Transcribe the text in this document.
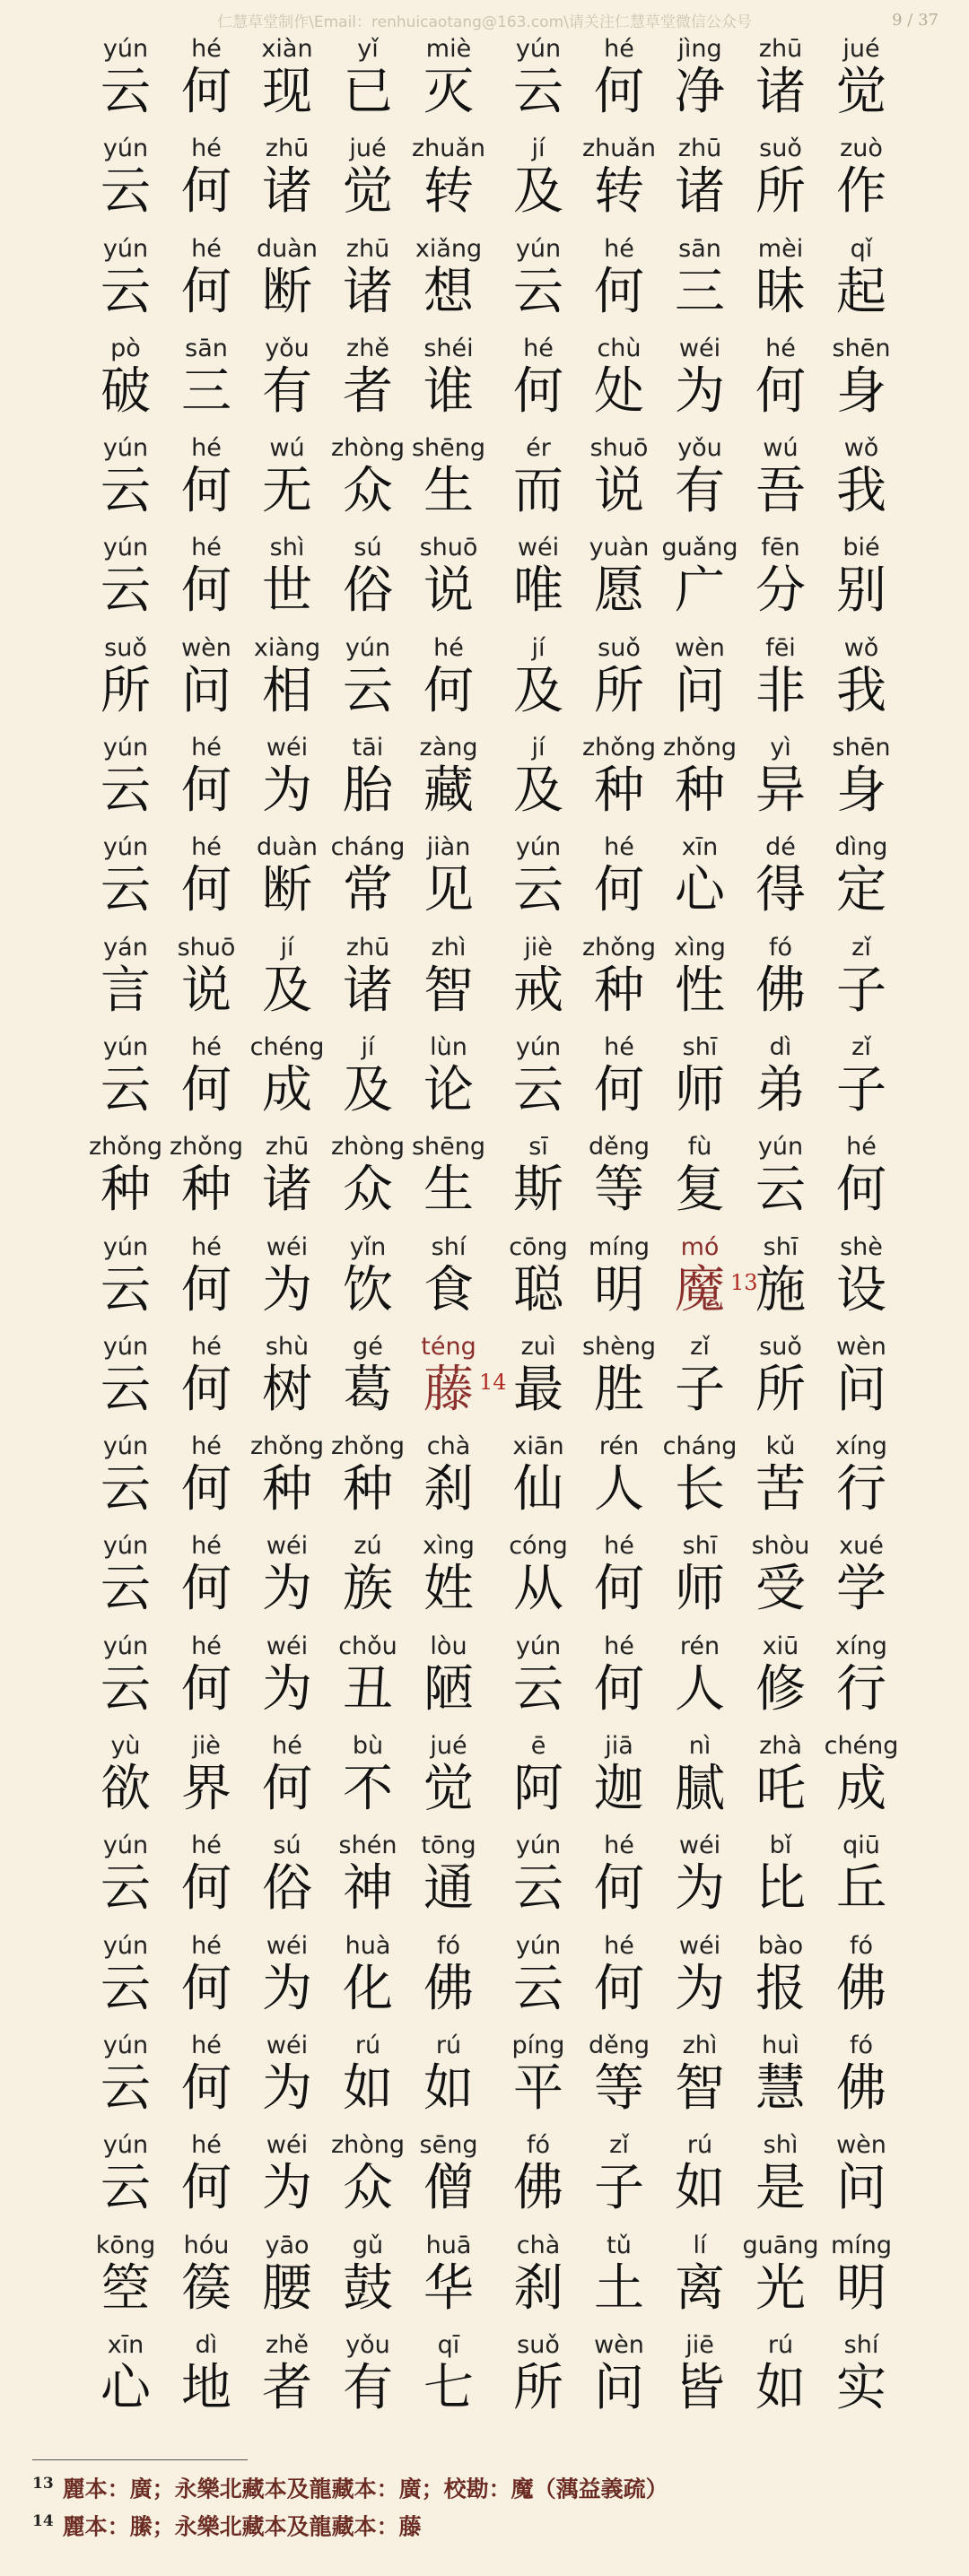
仁慧草堂制作\Email：renhuicaotang@163.com\请关注仁慧草堂微信公众号	9 / 37
yún
云
hé
何
xiàn
现
yǐ
已
miè
灭
yún
云
hé
何
jìng
净
zhū
诸
jué
觉
yún
云
hé
何
zhū
诸
jué
觉
zhuǎn
转
jí
及
zhuǎn
转
zhū
诸
suǒ
所
zuò
作
yún
云
hé
何
duàn
断
zhū
诸
xiǎng
想
yún
云
hé
何
sān
三
mèi
昧
qǐ
起
pò
破
sān
三
yǒu
有
zhě
者
shéi
谁
hé
何
chù
处
wéi
为
hé
何
shēn
身
yún
云
hé
何
wú
无
zhòng
众
shēng
生
ér
而
shuō
说
yǒu
有
wú
吾
wǒ
我
yún
云
hé
何
shì
世
sú
俗
shuō
说
wéi
唯
yuàn
愿
guǎng
广
fēn
分
bié
别
suǒ
所
wèn
问
xiàng
相
yún
云
hé
何
jí
及
suǒ
所
wèn
问
fēi
非
wǒ
我
yún
云
hé
何
wéi
为
tāi
胎
zàng
藏
jí
及
zhǒng
种
zhǒng
种
yì
异
shēn
身
yún
云
hé
何
duàn
断
cháng
常
jiàn
见
yún
云
hé
何
xīn
心
dé
得
dìng
定
yán
言
shuō
说
jí
及
zhū
诸
zhì
智
jiè
戒
zhǒng
种
xìng
性
fó
佛
zǐ
子
yún
云
hé
何
chéng
成
jí
及
lùn
论
yún
云
hé
何
shī
师
dì
弟
zǐ
子
zhǒng
种
zhǒng
种
zhū
诸
zhòng
众
shēng
生
sī
斯
děng
等
fù
复
yún
云
hé
何
yún
云
hé
何
wéi
为
yǐn
饮
shí
食
cōng
聪
míng
明
mó
魔 13
shī
施
shè
设
yún
云
hé
何
shù
树
gé
葛
téng
藤 14
zuì
最
shèng
胜
zǐ
子
suǒ
所
wèn
问
yún
云
hé
何
zhǒng
种
zhǒng
种
chà
刹
xiān
仙
rén
人
cháng
长
kǔ
苦
xíng
行
yún
云
hé
何
wéi
为
zú
族
xìng
姓
cóng
从
hé
何
shī
师
shòu
受
xué
学
yún
云
hé
何
wéi
为
chǒu
丑
lòu
陋
yún
云
hé
何
rén
人
xiū
修
xíng
行
yù
欲
jiè
界
hé
何
bù
不
jué
觉
ē
阿
jiā
迦
nì
腻
zhà
吒
chéng
成
yún
云
hé
何
sú
俗
shén
神
tōng
通
yún
云
hé
何
wéi
为
bǐ
比
qiū
丘
yún
云
hé
何
wéi
为
huà
化
fó
佛
yún
云
hé
何
wéi
为
bào
报
fó
佛
yún
云
hé
何
wéi
为
rú
如
rú
如
píng
平
děng
等
zhì
智
huì
慧
fó
佛
yún
云
hé
何
wéi
为
zhòng
众
sēng
僧
fó
佛
zǐ
子
rú
如
shì
是
wèn
问
kōng
箜
hóu
篌
yāo
腰
gǔ
鼓
huā
华
chà
刹
tǔ
土
lí
离
guāng
光
míng
明
xīn
心
dì
地
zhě
者
yǒu
有
qī
七
suǒ
所
wèn
问
jiē
皆
rú
如
shí
实
$^{13}$ 麗本：廣；永樂北藏本及龍藏本：廣；校勘：魔（蕅益義疏）
$^{14}$ 麗本：縢；永樂北藏本及龍藏本：藤
